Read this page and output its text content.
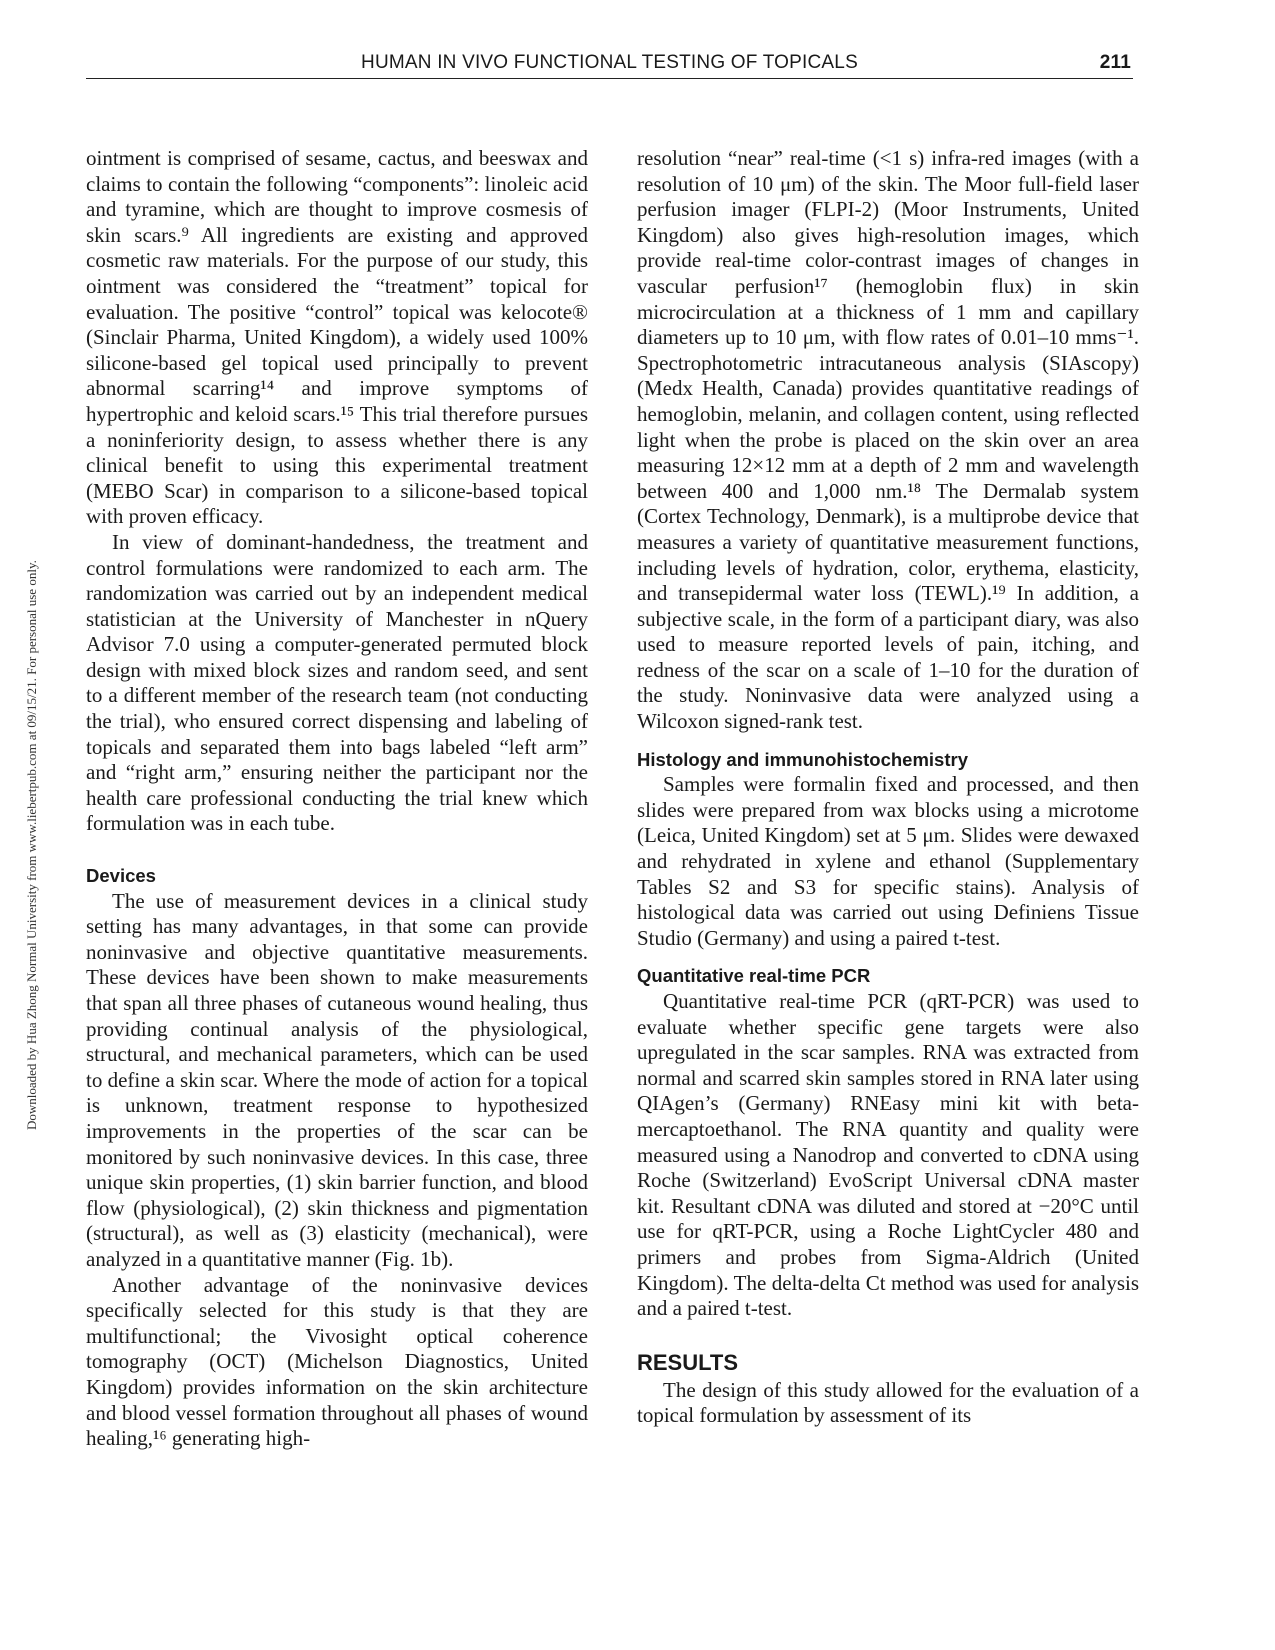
HUMAN IN VIVO FUNCTIONAL TESTING OF TOPICALS	211
Downloaded by Hua Zhong Normal University from www.liebertpub.com at 09/15/21. For personal use only.

ointment is comprised of sesame, cactus, and beeswax and claims to contain the following “components”: linoleic acid and tyramine, which are thought to improve cosmesis of skin scars.⁹ All ingredients are existing and approved cosmetic raw materials. For the purpose of our study, this ointment was considered the “treatment” topical for evaluation. The positive “control” topical was kelocote® (Sinclair Pharma, United Kingdom), a widely used 100% silicone-based gel topical used principally to prevent abnormal scarring¹⁴ and improve symptoms of hypertrophic and keloid scars.¹⁵ This trial therefore pursues a noninferiority design, to assess whether there is any clinical benefit to using this experimental treatment (MEBO Scar) in comparison to a silicone-based topical with proven efficacy.

In view of dominant-handedness, the treatment and control formulations were randomized to each arm. The randomization was carried out by an independent medical statistician at the University of Manchester in nQuery Advisor 7.0 using a computer-generated permuted block design with mixed block sizes and random seed, and sent to a different member of the research team (not conducting the trial), who ensured correct dispensing and labeling of topicals and separated them into bags labeled “left arm” and “right arm,” ensuring neither the participant nor the health care professional conducting the trial knew which formulation was in each tube.

Devices

The use of measurement devices in a clinical study setting has many advantages, in that some can provide noninvasive and objective quantitative measurements. These devices have been shown to make measurements that span all three phases of cutaneous wound healing, thus providing continual analysis of the physiological, structural, and mechanical parameters, which can be used to define a skin scar. Where the mode of action for a topical is unknown, treatment response to hypothesized improvements in the properties of the scar can be monitored by such noninvasive devices. In this case, three unique skin properties, (1) skin barrier function, and blood flow (physiological), (2) skin thickness and pigmentation (structural), as well as (3) elasticity (mechanical), were analyzed in a quantitative manner (Fig. 1b).

Another advantage of the noninvasive devices specifically selected for this study is that they are multifunctional; the Vivosight optical coherence tomography (OCT) (Michelson Diagnostics, United Kingdom) provides information on the skin architecture and blood vessel formation throughout all phases of wound healing,¹⁶ generating high-

resolution “near” real-time (<1 s) infra-red images (with a resolution of 10 μm) of the skin. The Moor full-field laser perfusion imager (FLPI-2) (Moor Instruments, United Kingdom) also gives high-resolution images, which provide real-time color-contrast images of changes in vascular perfusion¹⁷ (hemoglobin flux) in skin microcirculation at a thickness of 1 mm and capillary diameters up to 10 μm, with flow rates of 0.01–10 mms⁻¹. Spectrophotometric intracutaneous analysis (SIAscopy) (Medx Health, Canada) provides quantitative readings of hemoglobin, melanin, and collagen content, using reflected light when the probe is placed on the skin over an area measuring 12×12 mm at a depth of 2 mm and wavelength between 400 and 1,000 nm.¹⁸ The Dermalab system (Cortex Technology, Denmark), is a multiprobe device that measures a variety of quantitative measurement functions, including levels of hydration, color, erythema, elasticity, and transepidermal water loss (TEWL).¹⁹ In addition, a subjective scale, in the form of a participant diary, was also used to measure reported levels of pain, itching, and redness of the scar on a scale of 1–10 for the duration of the study. Noninvasive data were analyzed using a Wilcoxon signed-rank test.

Histology and immunohistochemistry

Samples were formalin fixed and processed, and then slides were prepared from wax blocks using a microtome (Leica, United Kingdom) set at 5 μm. Slides were dewaxed and rehydrated in xylene and ethanol (Supplementary Tables S2 and S3 for specific stains). Analysis of histological data was carried out using Definiens Tissue Studio (Germany) and using a paired t-test.

Quantitative real-time PCR

Quantitative real-time PCR (qRT-PCR) was used to evaluate whether specific gene targets were also upregulated in the scar samples. RNA was extracted from normal and scarred skin samples stored in RNA later using QIAgen’s (Germany) RNEasy mini kit with beta-mercaptoethanol. The RNA quantity and quality were measured using a Nanodrop and converted to cDNA using Roche (Switzerland) EvoScript Universal cDNA master kit. Resultant cDNA was diluted and stored at −20°C until use for qRT-PCR, using a Roche LightCycler 480 and primers and probes from Sigma-Aldrich (United Kingdom). The delta-delta Ct method was used for analysis and a paired t-test.

RESULTS

The design of this study allowed for the evaluation of a topical formulation by assessment of its
